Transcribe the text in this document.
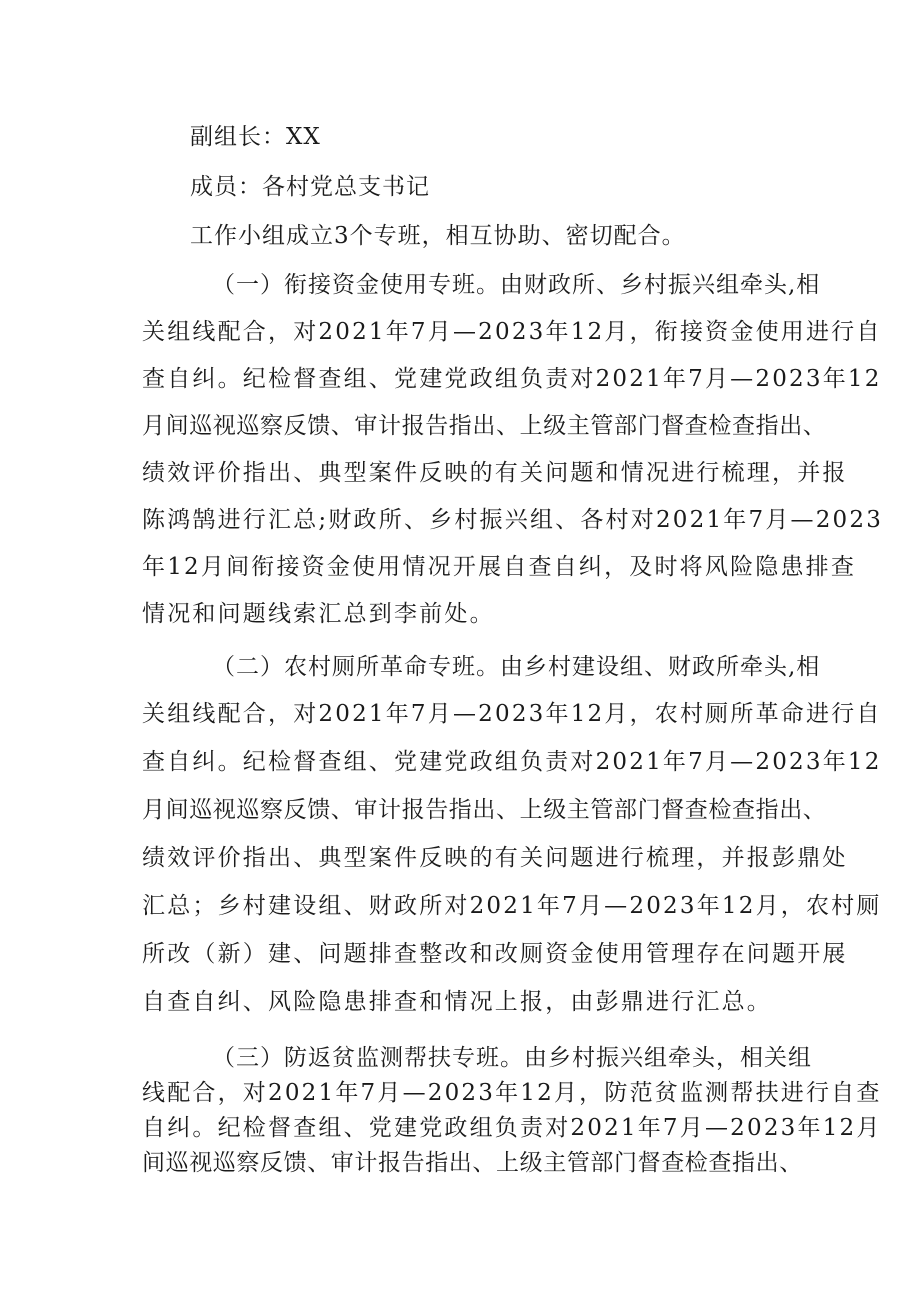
副组长：XX

成员：各村党总支书记

工作小组成立3个专班，相互协助、密切配合。

（一）衔接资金使用专班。由财政所、乡村振兴组牵头,相

关组线配合，对2021年7月—2023年12月，衔接资金使用进行自

查自纠。纪检督查组、党建党政组负责对2021年7月—2023年12

月间巡视巡察反馈、审计报告指出、上级主管部门督查检查指出、

绩效评价指出、典型案件反映的有关问题和情况进行梳理，并报

陈鸿鹄进行汇总;财政所、乡村振兴组、各村对2021年7月—2023

年12月间衔接资金使用情况开展自查自纠，及时将风险隐患排查

情况和问题线索汇总到李前处。

（二）农村厕所革命专班。由乡村建设组、财政所牵头,相

关组线配合，对2021年7月—2023年12月，农村厕所革命进行自

查自纠。纪检督查组、党建党政组负责对2021年7月—2023年12

月间巡视巡察反馈、审计报告指出、上级主管部门督查检查指出、

绩效评价指出、典型案件反映的有关问题进行梳理，并报彭鼎处

汇总；乡村建设组、财政所对2021年7月—2023年12月，农村厕

所改（新）建、问题排查整改和改厕资金使用管理存在问题开展

自查自纠、风险隐患排查和情况上报，由彭鼎进行汇总。

（三）防返贫监测帮扶专班。由乡村振兴组牵头，相关组

线配合，对2021年7月—2023年12月，防范贫监测帮扶进行自查

自纠。纪检督查组、党建党政组负责对2021年7月—2023年12月

间巡视巡察反馈、审计报告指出、上级主管部门督查检查指出、
